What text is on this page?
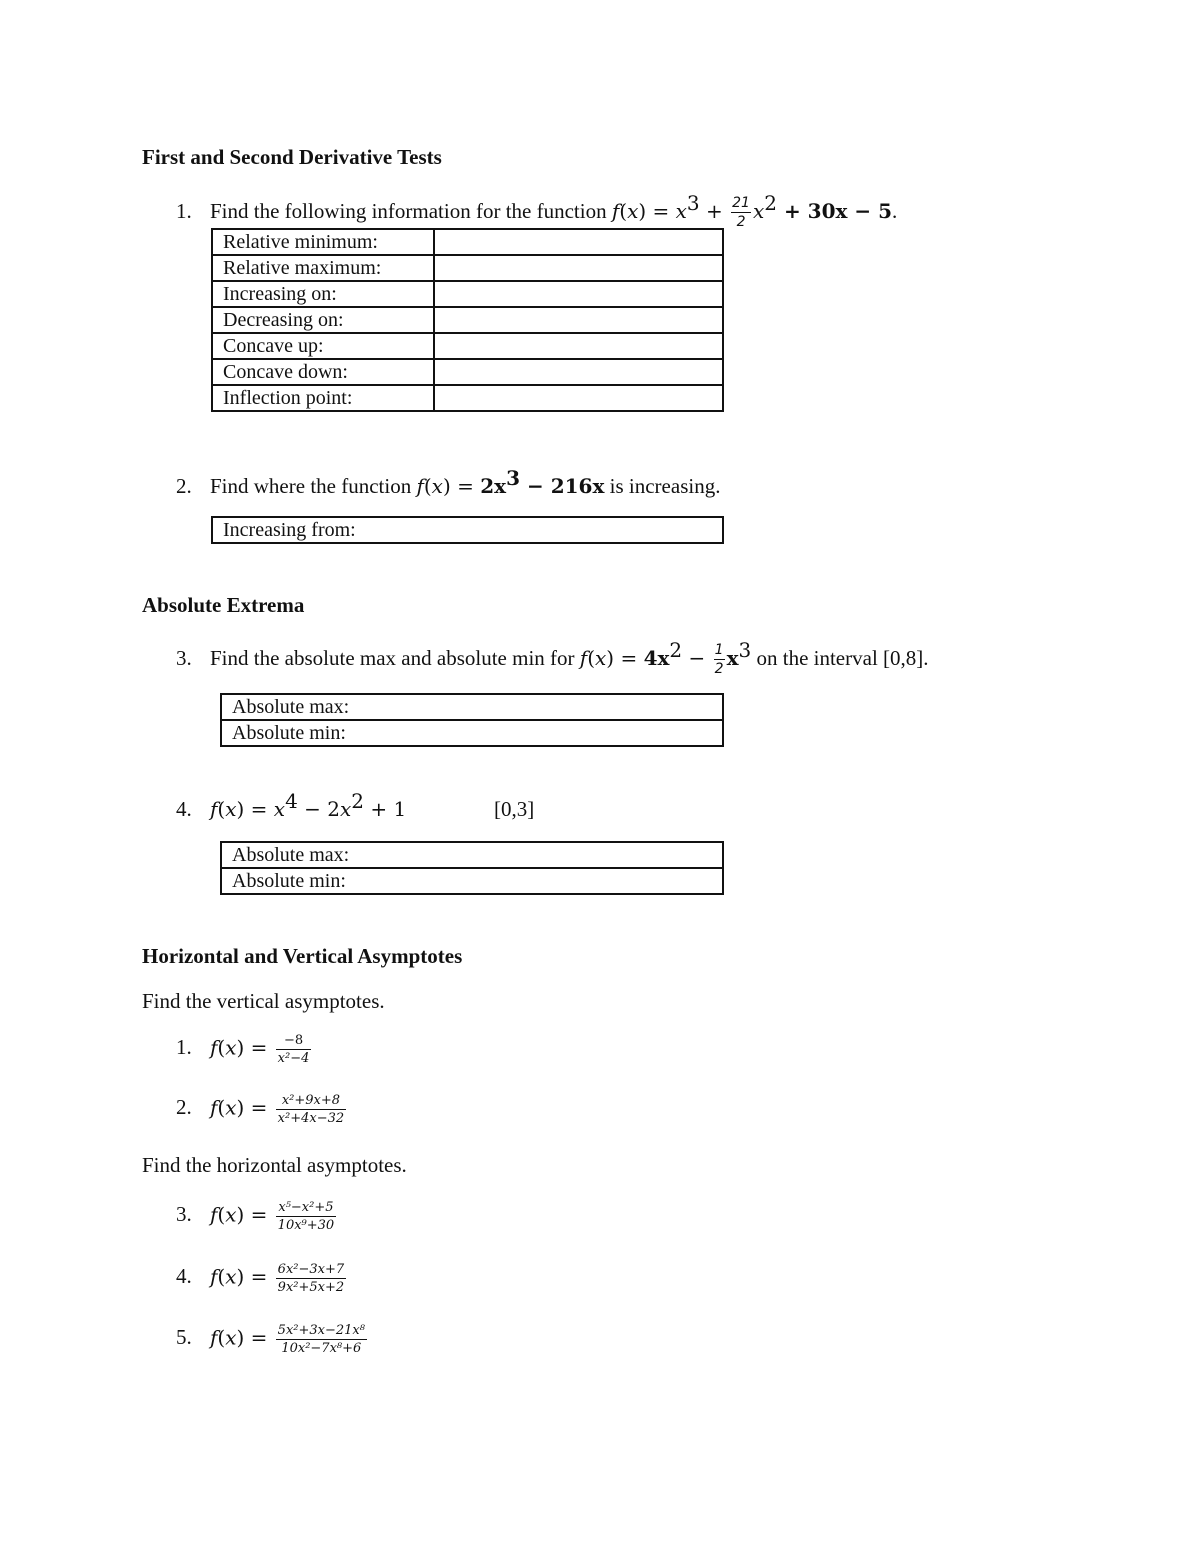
First and Second Derivative Tests
1. Find the following information for the function $f(x) = x^3 + \frac{21}{2} x^2 + 30x - 5$.
Relative minimum:	
Relative maximum:	
Increasing on:	
Decreasing on:	
Concave up:	
Concave down:	
Inflection point:	
2. Find where the function $f(x) = 2x^3 - 216x$ is increasing.
Increasing from:
Absolute Extrema
3. Find the absolute max and absolute min for $f(x) = 4x^2 - \frac{1}{2} x^3$ on the interval [0,8].
Absolute max:
Absolute min:
4. $f(x) = x^4 - 2x^2 + 1$	[0,3]
Absolute max:
Absolute min:
Horizontal and Vertical Asymptotes
Find the vertical asymptotes.
1. $f(x) = \frac{-8}{\text{x²−4}}$
2. $f(x) = \frac{\text{x²+9x+8}}{\text{x²+4x−32}}$
Find the horizontal asymptotes.
3. $f(x) = \frac{\text{x⁵−x²+5}}{\text{10x⁹+30}}$
4. $f(x) = \frac{\text{6x²−3x+7}}{\text{9x²+5x+2}}$
5. $f(x) = \frac{\text{5x²+3x−21x⁸}}{\text{10x²−7x⁸+6}}$
